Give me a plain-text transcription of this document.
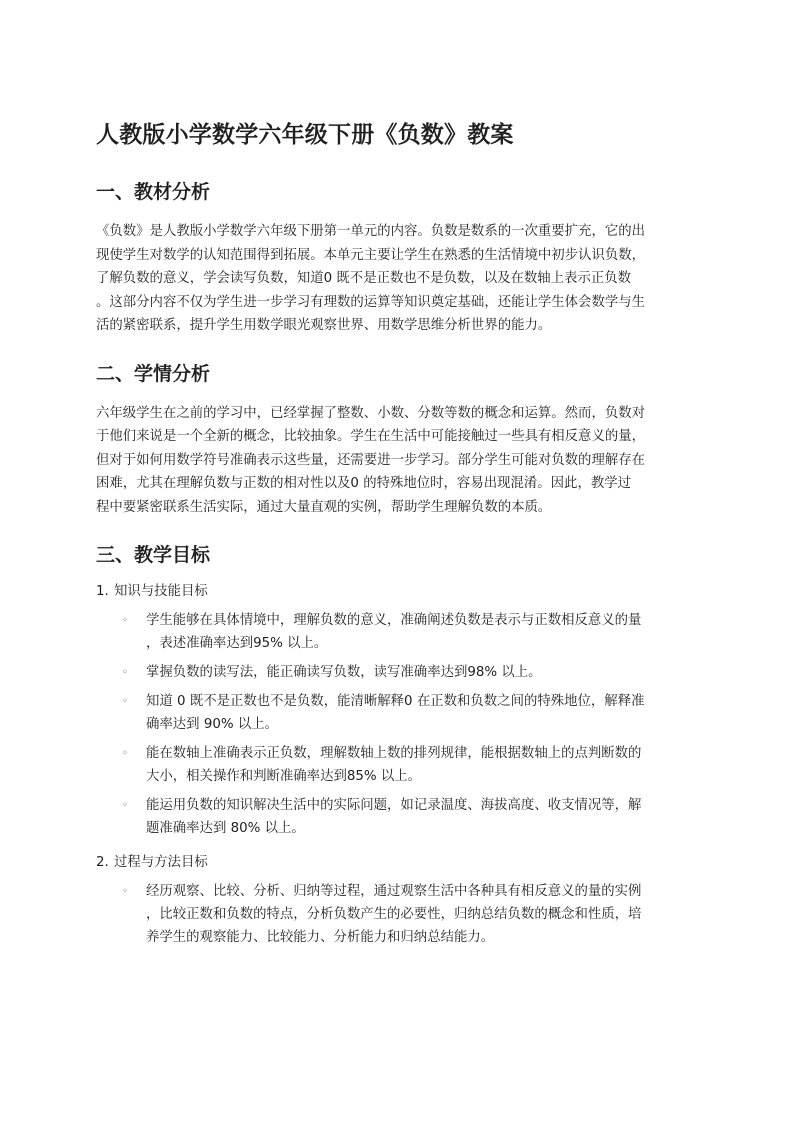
人教版小学数学六年级下册《负数》教案
一、教材分析

《负数》是人教版小学数学六年级下册第一单元的内容。负数是数系的一次重要扩充，它的出

现使学生对数学的认知范围得到拓展。本单元主要让学生在熟悉的生活情境中初步认识负数，

了解负数的意义，学会读写负数，知道0 既不是正数也不是负数，以及在数轴上表示正负数

。这部分内容不仅为学生进一步学习有理数的运算等知识奠定基础，还能让学生体会数学与生

活的紧密联系，提升学生用数学眼光观察世界、用数学思维分析世界的能力。

二、学情分析

六年级学生在之前的学习中，已经掌握了整数、小数、分数等数的概念和运算。然而，负数对

于他们来说是一个全新的概念，比较抽象。学生在生活中可能接触过一些具有相反意义的量，

但对于如何用数学符号准确表示这些量，还需要进一步学习。部分学生可能对负数的理解存在

困难，尤其在理解负数与正数的相对性以及0 的特殊地位时，容易出现混淆。因此，教学过

程中要紧密联系生活实际，通过大量直观的实例，帮助学生理解负数的本质。

三、教学目标
1. 知识与技能目标
◦	学生能够在具体情境中，理解负数的意义，准确阐述负数是表示与正数相反意义的量

，表述准确率达到95% 以上。

◦	掌握负数的读写法，能正确读写负数，读写准确率达到98% 以上。

◦	知道 0 既不是正数也不是负数，能清晰解释0 在正数和负数之间的特殊地位，解释准

确率达到 90% 以上。

◦	能在数轴上准确表示正负数，理解数轴上数的排列规律，能根据数轴上的点判断数的

大小，相关操作和判断准确率达到85% 以上。

◦	能运用负数的知识解决生活中的实际问题，如记录温度、海拔高度、收支情况等，解

题准确率达到 80% 以上。

2. 过程与方法目标
◦	经历观察、比较、分析、归纳等过程，通过观察生活中各种具有相反意义的量的实例

，比较正数和负数的特点，分析负数产生的必要性，归纳总结负数的概念和性质，培

养学生的观察能力、比较能力、分析能力和归纳总结能力。
